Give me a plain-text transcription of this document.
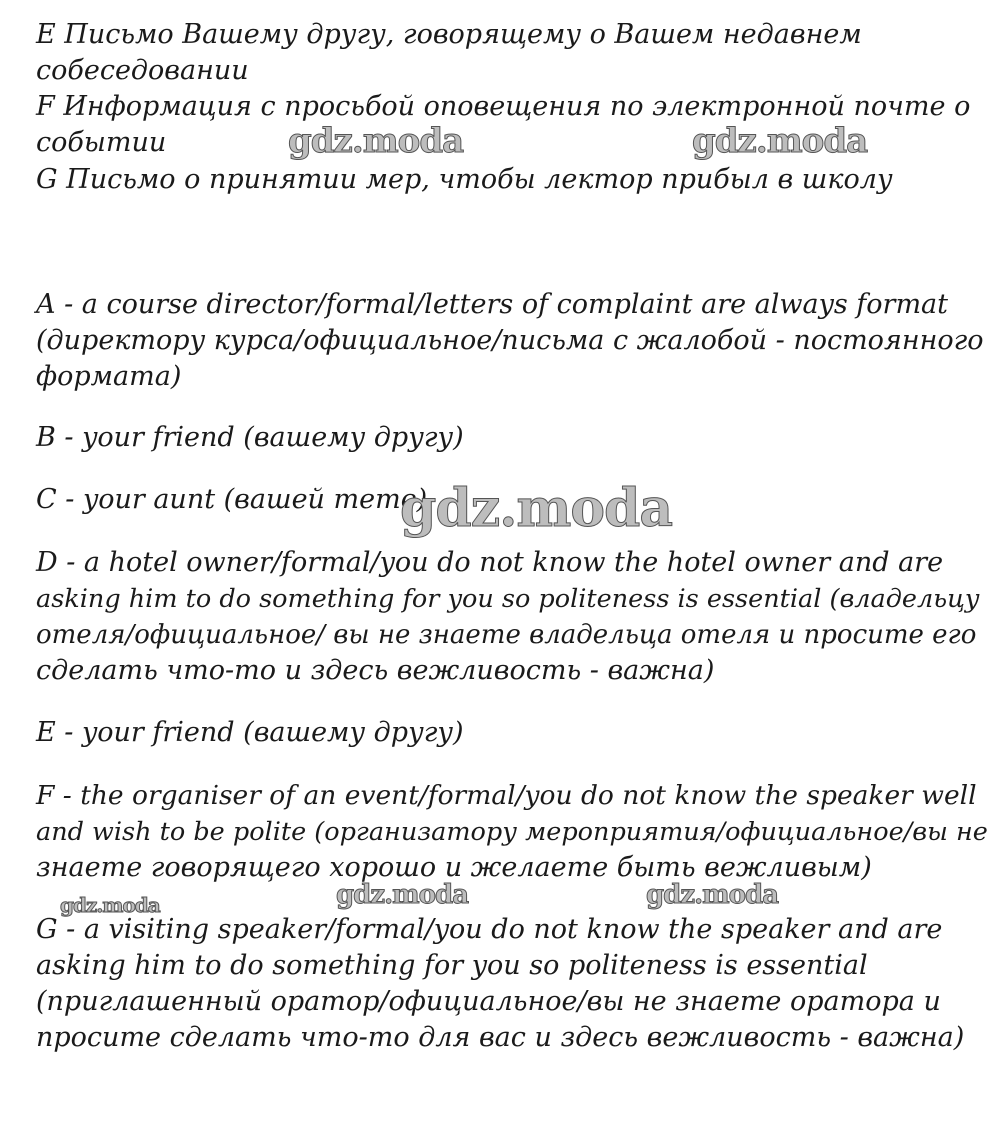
E Письмо Вашему другу, говорящему о Вашем недавнем

собеседовании

F Информация с просьбой оповещения по электронной почте о

событии

G Письмо о принятии мер, чтобы лектор прибыл в школу

A - a course director/formal/letters of complaint are always format

(директору курса/официальное/письма с жалобой - постоянного

формата)

B - your friend (вашему другу)

C - your aunt (вашей тете)

D - a hotel owner/formal/you do not know the hotel owner and are

asking him to do something for you so politeness is essential (владельцу

отеля/официальное/ вы не знаете владельца отеля и просите его

сделать что-то и здесь вежливость - важна)

E - your friend (вашему другу)

F - the organiser of an event/formal/you do not know the speaker well

and wish to be polite (организатору мероприятия/официальное/вы не

знаете говорящего хорошо и желаете быть вежливым)

G - a visiting speaker/formal/you do not know the speaker and are

asking him to do something for you so politeness is essential

(приглашенный оратор/официальное/вы не знаете оратора и

просите сделать что-то для вас и здесь вежливость - важна)

gdz.moda	gdz.moda
gdz.moda
gdz.moda	gdz.moda	gdz.moda
